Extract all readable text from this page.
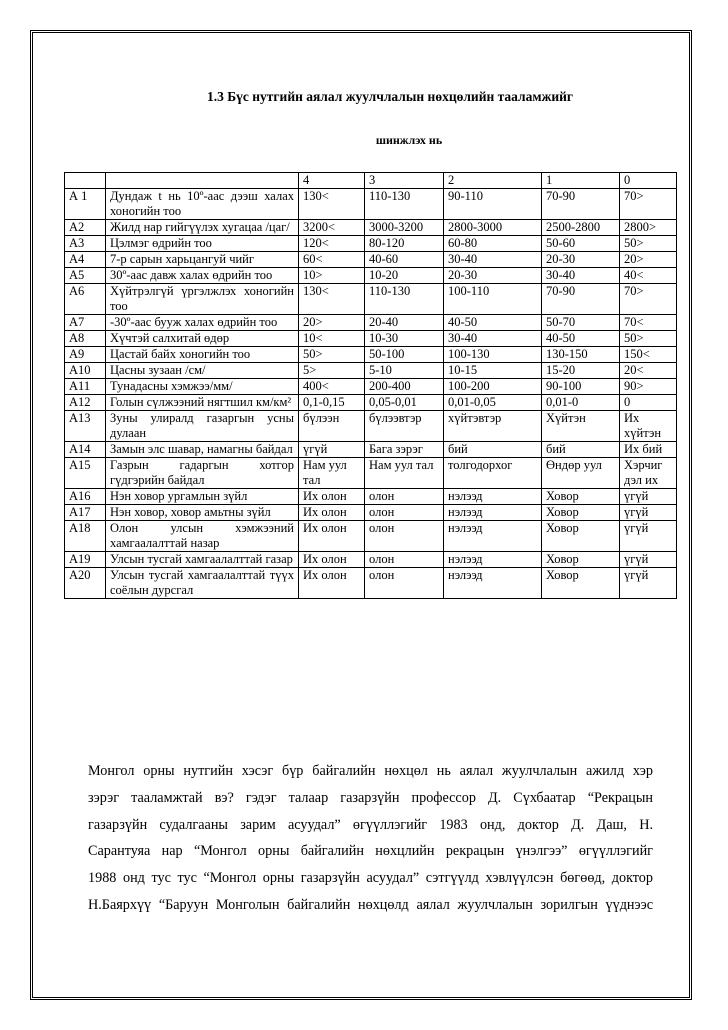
1.3 Бүс нутгийн аялал жуулчлалын нөхцөлийн тааламжийг
шинжлэх нь
		4	3	2	1	0
А 1	Дундаж t нь 10º-аас дээш халах хоногийн тоо	130<	110-130	90-110	70-90	70>
А2	Жилд нар гийгүүлэх хугацаа /цаг/	3200<	3000-3200	2800-3000	2500-2800	2800>
А3	Цэлмэг өдрийн тоо	120<	80-120	60-80	50-60	50>
А4	7-р сарын харьцангуй чийг	60<	40-60	30-40	20-30	20>
А5	30º-аас давж халах өдрийн тоо	10>	10-20	20-30	30-40	40<
А6	Хүйтрэлгүй үргэлжлэх хоногийн тоо	130<	110-130	100-110	70-90	70>
А7	-30º-аас бууж халах өдрийн тоо	20>	20-40	40-50	50-70	70<
А8	Хүчтэй салхитай өдөр	10<	10-30	30-40	40-50	50>
А9	Цастай байх хоногийн тоо	50>	50-100	100-130	130-150	150<
А10	Цасны зузаан /см/	5>	5-10	10-15	15-20	20<
А11	Тунадасны хэмжээ/мм/	400<	200-400	100-200	90-100	90>
А12	Голын сүлжээний нягтшил км/км²	0,1-0,15	0,05-0,01	0,01-0,05	0,01-0	0
А13	Зуны улиралд газаргын усны дулаан	бүлээн	бүлээвтэр	хүйтэвтэр	Хүйтэн	Их хүйтэн
А14	Замын элс шавар, намагны байдал	үгүй	Бага зэрэг	бий	бий	Их бий
А15	Газрын гадаргын хотгор гүдгэрийн байдал	Нам уул тал	Нам уул тал	толгодорхог	Өндөр уул	Хэрчиг дэл их
А16	Нэн ховор ургамлын зүйл	Их олон	олон	нэлээд	Ховор	үгүй
А17	Нэн ховор, ховор амьтны зүйл	Их олон	олон	нэлээд	Ховор	үгүй
А18	Олон улсын хэмжээний хамгаалалттай назар	Их олон	олон	нэлээд	Ховор	үгүй
А19	Улсын тусгай хамгаалалттай газар	Их олон	олон	нэлээд	Ховор	үгүй
А20	Улсын тусгай хамгаалалттай түүх соёлын дурсгал	Их олон	олон	нэлээд	Ховор	үгүй
Монгол орны нутгийн хэсэг бүр байгалийн нөхцөл нь аялал жуулчлалын ажилд хэр
зэрэг тааламжтай вэ? гэдэг талаар газарзүйн профессор Д. Сүхбаатар “Рекрацын
газарзүйн судалгааны зарим асуудал” өгүүллэгийг 1983 онд, доктор Д. Даш, Н.
Сарантуяа нар “Монгол орны байгалийн нөхцлийн рекрацын үнэлгээ” өгүүллэгийг
1988 онд тус тус “Монгол орны газарзүйн асуудал” сэтгүүлд хэвлүүлсэн бөгөөд, доктор
Н.Баярхүү “Баруун Монголын байгалийн нөхцөлд аялал жуулчлалын зорилгын үүднээс
